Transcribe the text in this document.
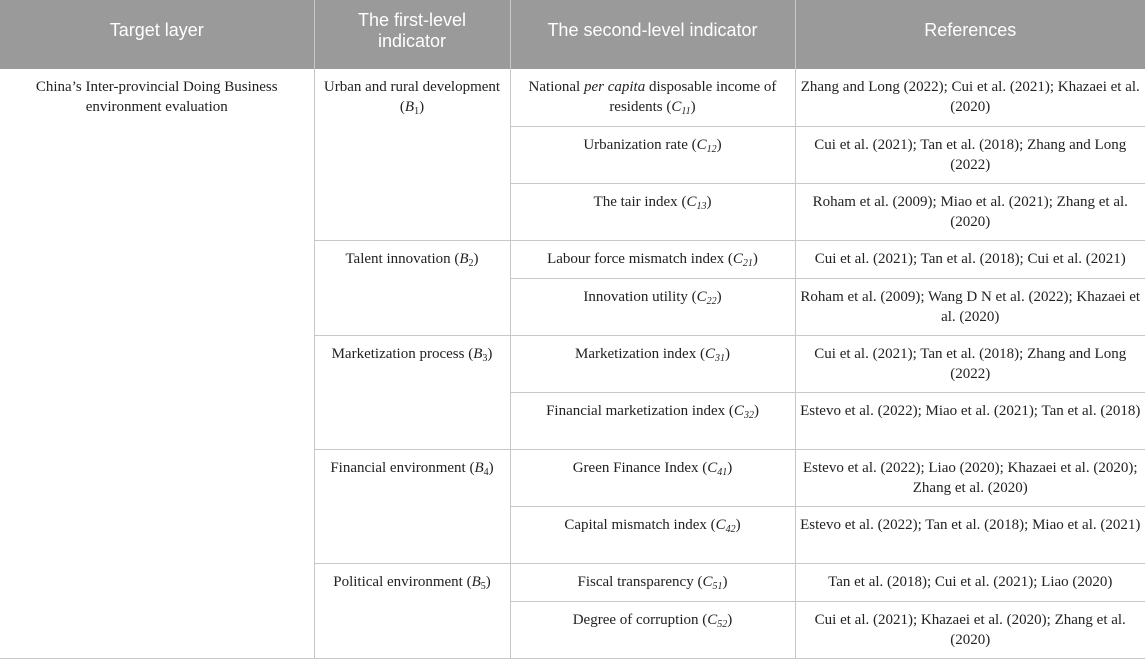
Target layer	The first-level indicator	The second-level indicator	References
China’s Inter-provincial Doing Business environment evaluation	Urban and rural development $(B_1)$	National per capita disposable income of residents $(C_{11})$	Zhang and Long (2022); Cui et al. (2021); Khazaei et al. (2020)
		Urbanization rate $(C_{12})$	Cui et al. (2021); Tan et al. (2018); Zhang and Long (2022)
		The tair index $(C_{13})$	Roham et al. (2009); Miao et al. (2021); Zhang et al. (2020)
	Talent innovation $(B_2)$	Labour force mismatch index $(C_{21})$	Cui et al. (2021); Tan et al. (2018); Cui et al. (2021)
		Innovation utility $(C_{22})$	Roham et al. (2009); Wang D N et al. (2022); Khazaei et al. (2020)
	Marketization process $(B_3)$	Marketization index $(C_{31})$	Cui et al. (2021); Tan et al. (2018); Zhang and Long (2022)
		Financial marketization index $(C_{32})$	Estevo et al. (2022); Miao et al. (2021); Tan et al. (2018)
	Financial environment $(B_4)$	Green Finance Index $(C_{41})$	Estevo et al. (2022); Liao (2020); Khazaei et al. (2020); Zhang et al. (2020)
		Capital mismatch index $(C_{42})$	Estevo et al. (2022); Tan et al. (2018); Miao et al. (2021)
	Political environment $(B_5)$	Fiscal transparency $(C_{51})$	Tan et al. (2018); Cui et al. (2021); Liao (2020)
		Degree of corruption $(C_{52})$	Cui et al. (2021); Khazaei et al. (2020); Zhang et al. (2020)
